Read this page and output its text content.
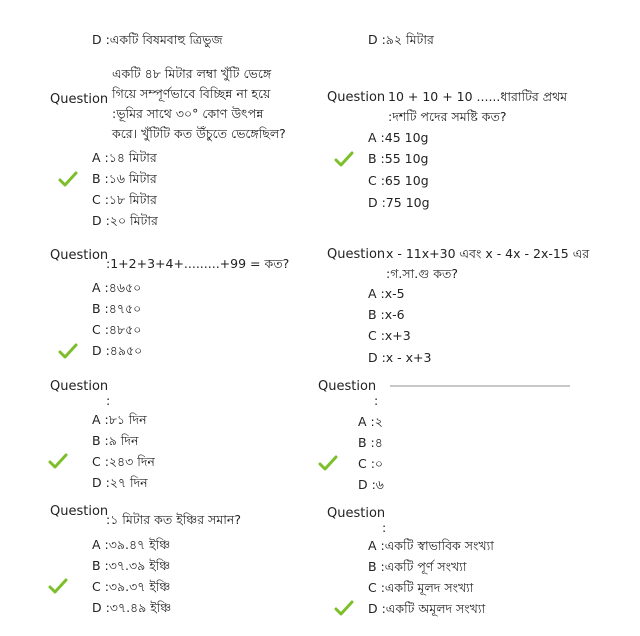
D :একটি বিষমবাহু ত্রিভুজ	D :৯২ মিটার
Question
একটি ৪৮ মিটার লম্বা খুঁটি ভেঙ্গে
গিয়ে সম্পূর্ণভাবে বিচ্ছিন্ন না হয়ে
:ভূমির সাথে ৩০° কোণ উৎপন্ন
করে। খুঁটিটি কত উঁচুতে ভেঙ্গেছিল?
A :১৪ মিটার
B :১৬ মিটার
C :১৮ মিটার
D :২০ মিটার
Question 10 + 10 + 10 ......ধারাটির প্রথম
:দশটি পদের সমষ্টি কত?
A :45 10g
B :55 10g
C :65 10g
D :75 10g
Question
:1+2+3+4+.........+99 = কত?
A :৪৬৫০
B :৪৭৫০
C :৪৮৫০
D :৪৯৫০
Question x - 11x+30 এবং x - 4x - 2x-15 এর
:গ.সা.গু কত?
A :x-5
B :x-6
C :x+3
D :x - x+3
Question
:
A :৮১ দিন
B :৯ দিন
C :২৪৩ দিন
D :২৭ দিন
Question
:
A :২
B :৪
C :০
D :৬
Question
:১ মিটার কত ইঞ্চির সমান?
A :৩৯.৪৭ ইঞ্চি
B :৩৭.৩৯ ইঞ্চি
C :৩৯.৩৭ ইঞ্চি
D :৩৭.৪৯ ইঞ্চি
Question
:
A :একটি স্বাভাবিক সংখ্যা
B :একটি পূর্ণ সংখ্যা
C :একটি মূলদ সংখ্যা
D :একটি অমূলদ সংখ্যা
